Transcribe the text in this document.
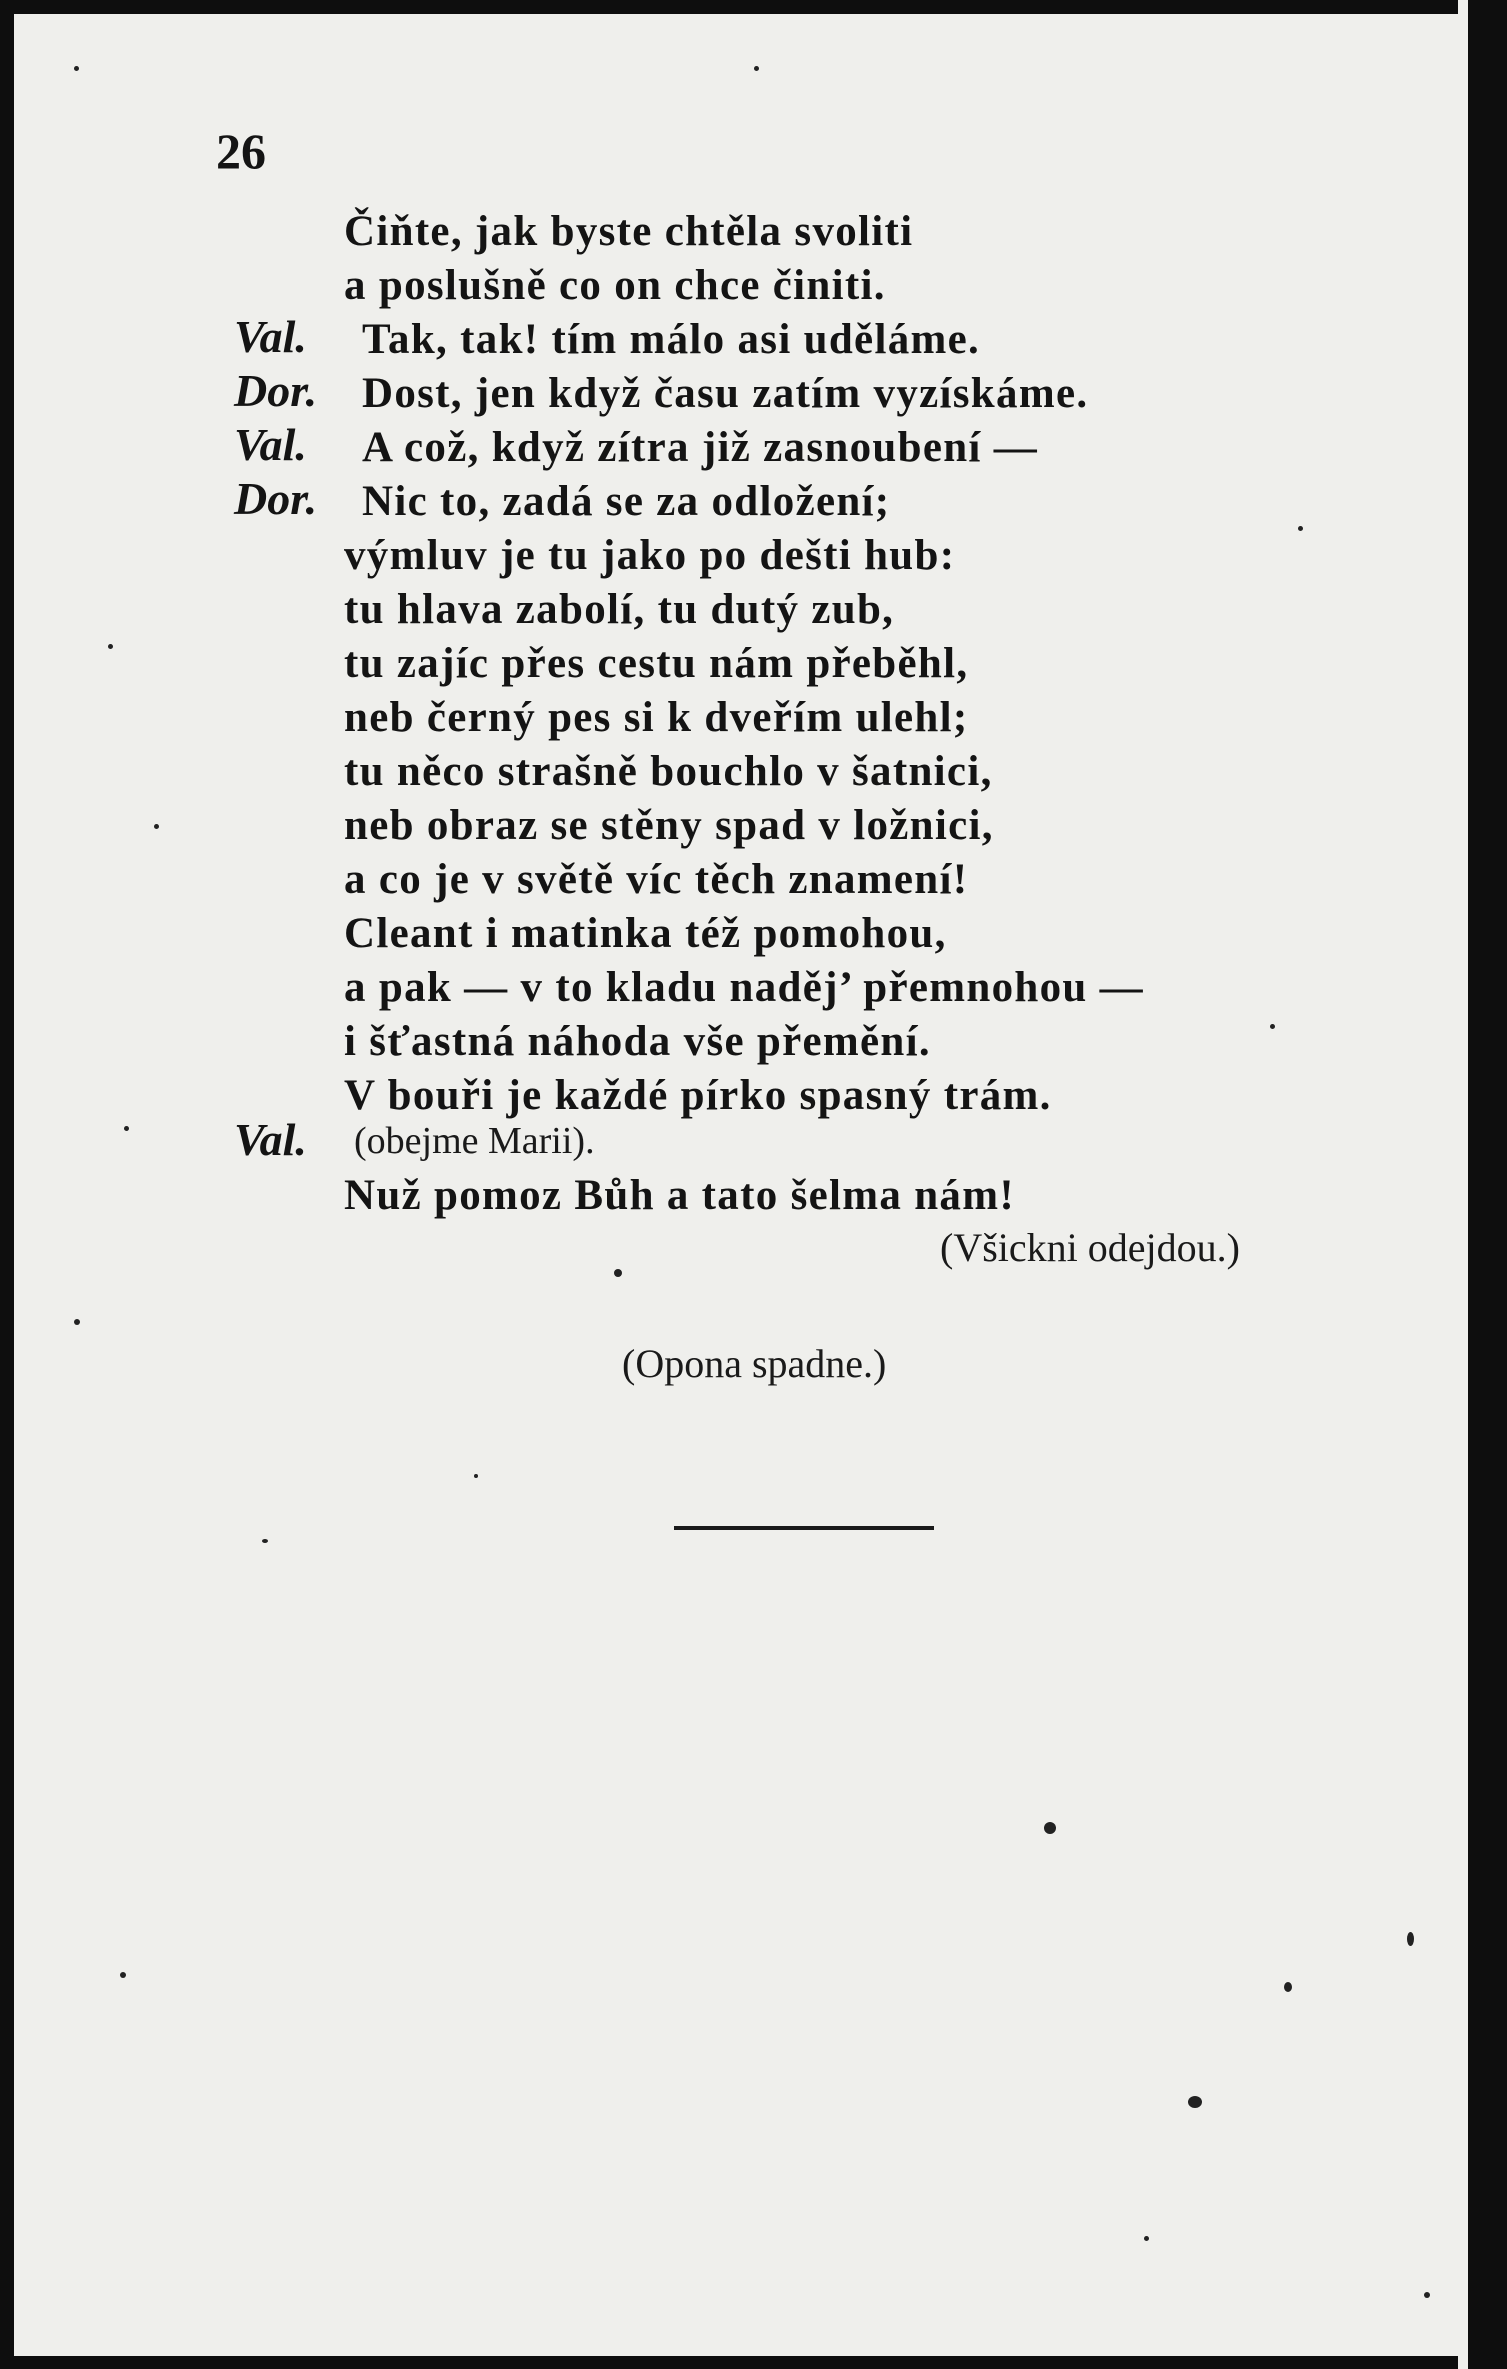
26
Val.
Dor.
Val.
Dor.
Val.
Čiňte, jak byste chtěla svoliti
a poslušně co on chce činiti.
Tak, tak! tím málo asi uděláme.
Dost, jen když času zatím vyzískáme.
A což, když zítra již zasnoubení —
Nic to, zadá se za odložení;
výmluv je tu jako po dešti hub:
tu hlava zabolí, tu dutý zub,
tu zajíc přes cestu nám přeběhl,
neb černý pes si k dveřím ulehl;
tu něco strašně bouchlo v šatnici,
neb obraz se stěny spad v ložnici,
a co je v světě víc těch znamení!
Cleant i matinka též pomohou,
a pak — v to kladu naděj’ přemnohou —
i šťastná náhoda vše přemění.
V bouři je každé pírko spasný trám.
(obejme Marii).
Nuž pomoz Bůh a tato šelma nám!
(Všickni odejdou.)
(Opona spadne.)
